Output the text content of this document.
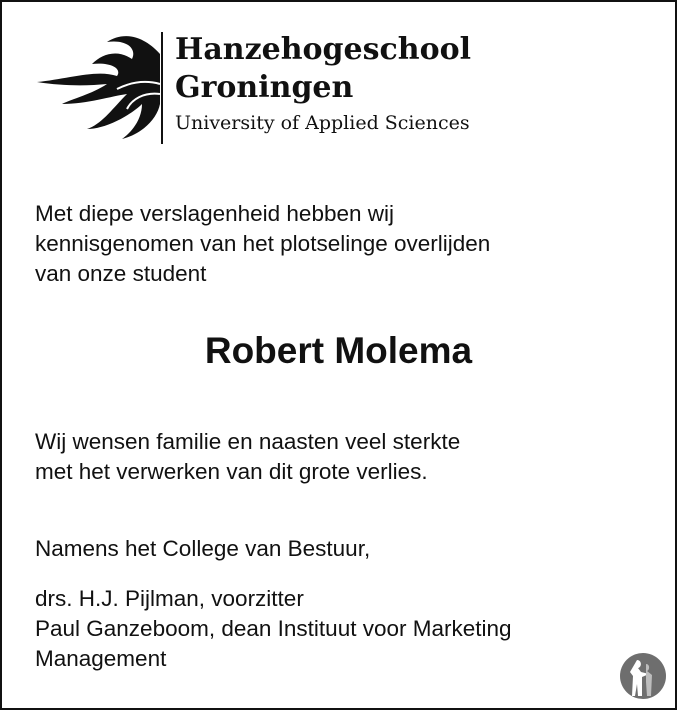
Hanzehogeschool
Groningen
University of Applied Sciences
Met diepe verslagenheid hebben wij
kennisgenomen van het plotselinge overlijden
van onze student
Robert Molema
Wij wensen familie en naasten veel sterkte
met het verwerken van dit grote verlies.
Namens het College van Bestuur,
drs. H.J. Pijlman, voorzitter
Paul Ganzeboom, dean Instituut voor Marketing
Management
